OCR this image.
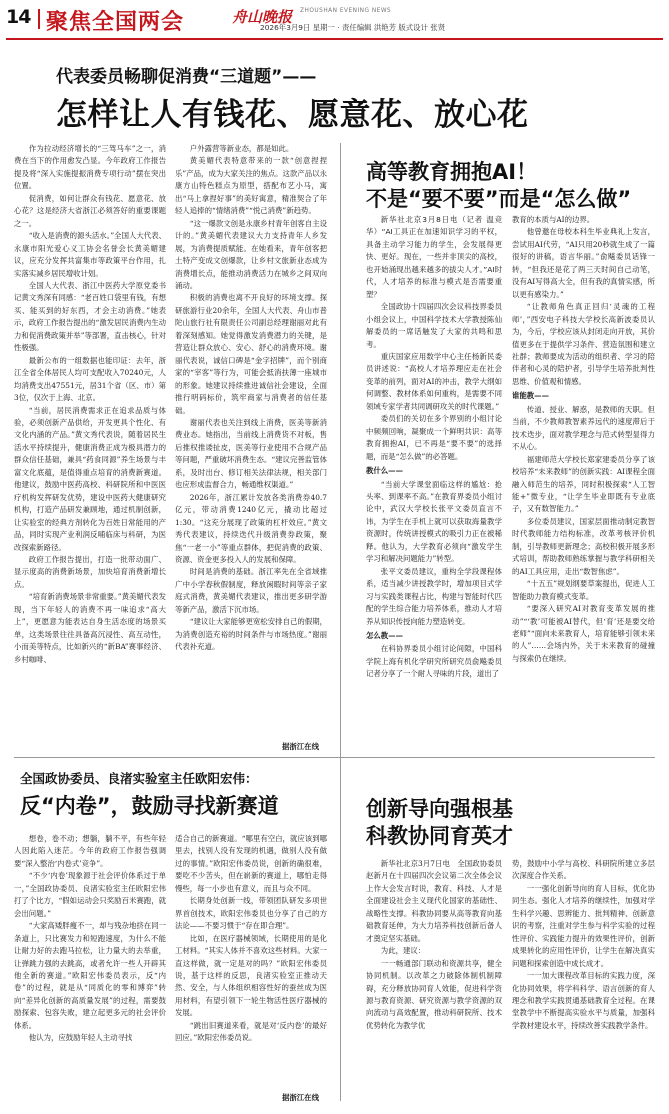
14 聚焦全国两会	舟山晚报 ZHOUSHAN EVENING NEWS
2026年3月9日 星期一 · 责任编辑 洪艳芳 版式设计 张贤
代表委员畅聊促消费“三道题”——
怎样让人有钱花、愿意花、放心花

作为拉动经济增长的“三驾马车”之一，消费在当下的作用愈发凸显。今年政府工作报告提及将“深入实施提振消费专项行动”摆在突出位置。

促消费，如何让群众有钱花、愿意花、放心花？这是经济大省浙江必须答好的重要课题之一。

“收入是消费的源头活水。”全国人大代表、永康市阳光爱心义工协会名誉会长黄美媚建议，应充分发挥共富集市等政策平台作用，扎实落实减乡居民增收计划。

全国人大代表、浙江中医药大学原党委书记黄文秀深有同感：“老百姓口袋里有钱，有想买、能买到的好东西，才会主动消费。”她表示，政府工作报告提出的“激发居民消费内生动力和促消费政策并举”等部署，直击核心，针对性极强。

最新公布的一组数据也能印证：去年，浙江全省全体居民人均可支配收入70240元，人均消费支出47551元，居31个省（区、市）第3位，仅次于上海、北京。

“当前，居民消费需求正在追求品质与体验，必须创新产品供给，开发更具个性化、有文化内涵的产品。”黄文秀代表说，随着居民生活水平持续提升，健康消费正成为极具潜力的群众信任基础，兼具“药食同源”养生场景与丰富文化底蕴，是值得重点培育的消费新赛道。他建议，鼓励中医药高校、科研院所和中医医疗机构发挥研发优势，建设中医药大健康研究机构，打造产品研发兼顾地，通过机制创新，让实验室的经典方剂转化为百姓日常能用的产品，同时实现产业利润反哺临床与科研，为医改探索新路径。

政府工作报告提出，打造一批带动面广、显示度高的消费新场景，加快培育消费新增长点。

“培育新消费场景非常重要。”黄美媚代表发现，当下年轻人的消费不再一味追求“高大上”，更愿意为能表达自身生活态度的场景买单，这类场景往往具备高沉浸性、高互动性，小而美等特点，比如新兴的“新BA”赛事经济、乡村咖啡、

户外露营等新业态，都是如此。

黄美媚代表特意带来的一款“创意捏捏乐”产品，成为大家关注的焦点。这款产品以永康方山特色糕点为原型，搭配布艺小马，寓出“马上拿捏好事”的美好寓意，精准契合了年轻人追捧的“情绪消费”“悦己消费”新趋势。

“这一爆款文创是永康乡村青年创客自主设计的。”黄美媚代表建议大力支持青年人乡发展，为消费提质赋能。在她看来，青年创客把土特产变成文创爆款，让乡村文旅新业态成为消费增长点，能推动消费活力在城乡之间双向涌动。

积极的消费也离不开良好的环境支撑。探研旅游行业20余年，全国人大代表、舟山市普陀山旅行社有限责任公司副总经理谢丽对此有着深刻感知。她觉得激发消费潜力的关键，是营造让群众放心、安心、舒心的消费环境。谢丽代表说，诚信口碑是“金字招牌”，而个别商家的“宰客”等行为，可能会抵消扶薄一座城市的形象。她建议持续推进诚信社会建设，全面推行明码标价，筑牢商家与消费者的信任基础。

谢丽代表也关注到线上消费，医美等新消费业态。她指出，当前线上消费货不对板，售后推权推诿扯皮，医美等行业使用不合规产品等问题，严重破坏消费生态。“建议完善监管体系，及时出台、修订相关法律法规，相关部门也应形成监督合力，畅通维权渠道。”

2026年，浙江累计发放各类消费券40.7亿元，带动消费1240亿元，撬动比超过1:30。“这充分展现了政策的杠杆效应。”黄文秀代表建议，持续迭代升级消费券政策，聚焦“一老一小”等重点群体，把促消费的政策、资源、资金更多投入人的发展和保障。

时间是消费的基础。浙江率先在全省域推广中小学春秋假制度，释放闲暇时间等亲子家庭式消费，黄美媚代表建议，推出更多研学游等新产品，激活下沉市场。

“建议让大家能够更宽松安排自己的假期，为消费创造充裕的时间条件与市场热度。”谢丽代表补充道。

据浙江在线
高等教育拥抱AI！
不是“要不要”而是“怎么做”

新华社北京3月8日电（记者 温竞华）“AI工具正在加速知识学习的平权，具备主动学习能力的学生，会发展得更快、更好。现在，一些并非顶尖的高校，也开始涌现出越来越多的拔尖人才。”AI时代，人才培养的标准与模式是否需要重塑？

全国政协十四届四次会议科技界委员小组会议上，中国科学技术大学教授陈仙解委员的一席话触发了大家的共鸣和思考。

重庆国家应用数学中心主任杨新民委员讲述说：“高校人才培养理应走在社会变革的前列，面对AI的冲击，教学大纲如何调整、教材体系如何重构，是需要不同领域专家学者共同调研攻关的时代课题。”

委员们的关切在多个界别的小组讨论中频频回响，凝聚成一个鲜明共识：高等教育拥抱AI，已不再是“要不要”的选择题，而是“怎么做”的必答题。

教什么——

“当前大学课堂面临这样的尴尬：抢头率、到课率不高。”在教育界委员小组讨论中，武汉大学校长张平文委员直言不讳，为学生在手机上就可以获取海量教学资源时，传统讲授模式的吸引力正在被稀释。他认为，大学教育必须向“激发学生学习和解决问题能力”转型。

张平文委员建议，重构全学段课程体系，适当减少讲授教学时，增加项目式学习与实践类课程占比，构建与智能时代匹配的学生综合能力培养体系，推动人才培养从知识传授向能力塑造转变。

怎么教——

在科协界委员小组讨论间隙，中国科学院上海有机化学研究所研究员俞飚委员记者分享了一个耐人寻味的片段，道出了

教育的本质与AI的边界。

他曾邀在母校本科生毕业典礼上发言，尝试用AI代劳，“AI只用20秒就生成了一篇很好的讲稿，语言华丽。”俞飚委员话锋一转，“但我还是花了两三天时间自己动笔，没有AI写得高大全，但有我的真情实感，所以更有感染力。”

“让教师角色真正回归‘灵魂的工程师’，”西安电子科技大学校长高新波委员认为，今后，学校应该从封闭走向开放，其价值更多在于提供学习条件、营造氛围和建立社群；教师要成为活动的组织者、学习的陪伴者和心灵的陪护者，引导学生培养批判性思维、价值观和情感。

谁能教——

传道、授业、解惑，是教师的天职。但当前，不少教师教智素养远代的速度滞后于技术迭步，面对教学理念与范式转型显得力不从心。

福建师范大学校长郑家建委员分享了该校培养“未来教师”的创新实践：AI课程全面融入师范生的培养，同时积极探索“人工智能+”微专业，“让学生毕业即既有专业底子，又有数智能力。”

多位委员建议，国家层面推动制定教智时代教师能力结构标准，改革考核评价机制，引导教师更新理念；高校积极开展多形式培训，帮助教师熟练掌握与教学科研相关的AI工具应用，走出“数智焦虑”。

“十五五”规划纲要草案提出，促进人工智能助力教育模式变革。

“要深入研究AI对教育变革发展的推动”“‘教’可能被AI替代，但‘育’还是要交给老师”“面向未来教育人，培育能够引领未来的人”……会场内外，关于未来教育的碰撞与探索仍在继续。

全国政协委员、良渚实验室主任欧阳宏伟：
反“内卷”，鼓励寻找新赛道

想卷，卷不动；想躺，躺不平，有些年轻人因此陷入迷茫。今年的政府工作报告强调要“深入整治‘内卷式’竞争”。

“不少‘内卷’现象源于社会评价体系过于单一，”全国政协委员、良渚实验室主任欧阳宏伟打了个比方，“假如运动会只奖励百米赛跑，就会出问题。”

“大家高矮胖瘦不一，却与残杂地挤在同一条道上，只比赛发力和短跑速度，为什么不能让耐力好的去跑马拉松，让力量大的去举重，让弹跳力强的去跳高，或者允许一些人开辟其他全新的赛道。”欧阳宏伟委员表示，反“内卷”的过程，就是从“同质化的零和博弈”转向“差异化创新的高质量发展”的过程，需要鼓励探索、包容失败，建立起更多元的社会评价体系。

他认为，应鼓励年轻人主动寻找

适合自己的新赛道。“哪里有空白，就应该到哪里去，找别人没有发现的机遇，做别人没有做过的事情。”欧阳宏伟委员说，创新的确很难，要吃不少苦头，但在崭新的赛道上，哪怕走得慢些，每一小步也有意义，而且与众不同。

长期身处创新一线，带领团队研发多项世界首创技术，欧阳宏伟委员也分享了自己的方法论——不要习惯于“存在即合理”。

比如，在医疗器械领域，长期使用的是化工材料。“其实人体并不喜欢这些材料。大家一直这样做，就一定是对的吗？”欧阳宏伟委员说，基于这样的反思，良渚实验室正推动天然、安全，与人体组织相容性好的蚕丝成为医用材料，有望引领下一轮生物活性医疗器械的发展。

“跳出旧赛道来看，就是对‘反内卷’的最好回应。”欧阳宏伟委员说。

据浙江在线
创新导向强根基
科教协同育英才

新华社北京3月7日电　全国政协委员赵新月在十四届四次会议第二次全体会议上作大会发言时说，教育、科技、人才是全面建设社会主义现代化国家的基础性、战略性支撑。科教协同要从高等教育向基础教育延伸，为大力培养科技创新后备人才奠定坚实基础。

为此，建议：

一一畅通部门联动和资源共享，健全协同机制。以改革之力破除体制机制障碍，充分释放协同育人效能，促进科学资源与教育资源、研究资源与教学资源的双向流动与高效配置，推动科研院所、技术优势转化为教学优

势，鼓励中小学与高校、科研院所建立多层次深度合作关系。

一一强化创新导向的育人目标，优化协同生态。强化人才培养的继续性，加强对学生科学兴趣、思辨能力、批判精神、创新意识的考察，注重对学生参与科学实验的过程性评价、实践能力提升的效果性评价，创新成果转化的应用性评价，让学生在解决真实问题和探索创造中成长成才。

一一加大课程改革目标的实践力度，深化协同效果，将学科科学、语言创新的育人理念和教学实践贯通基础教育全过程。在课堂教学中不断提高实验水平与质量，加强科学教材建设水平，持续改善实践教学条件。
